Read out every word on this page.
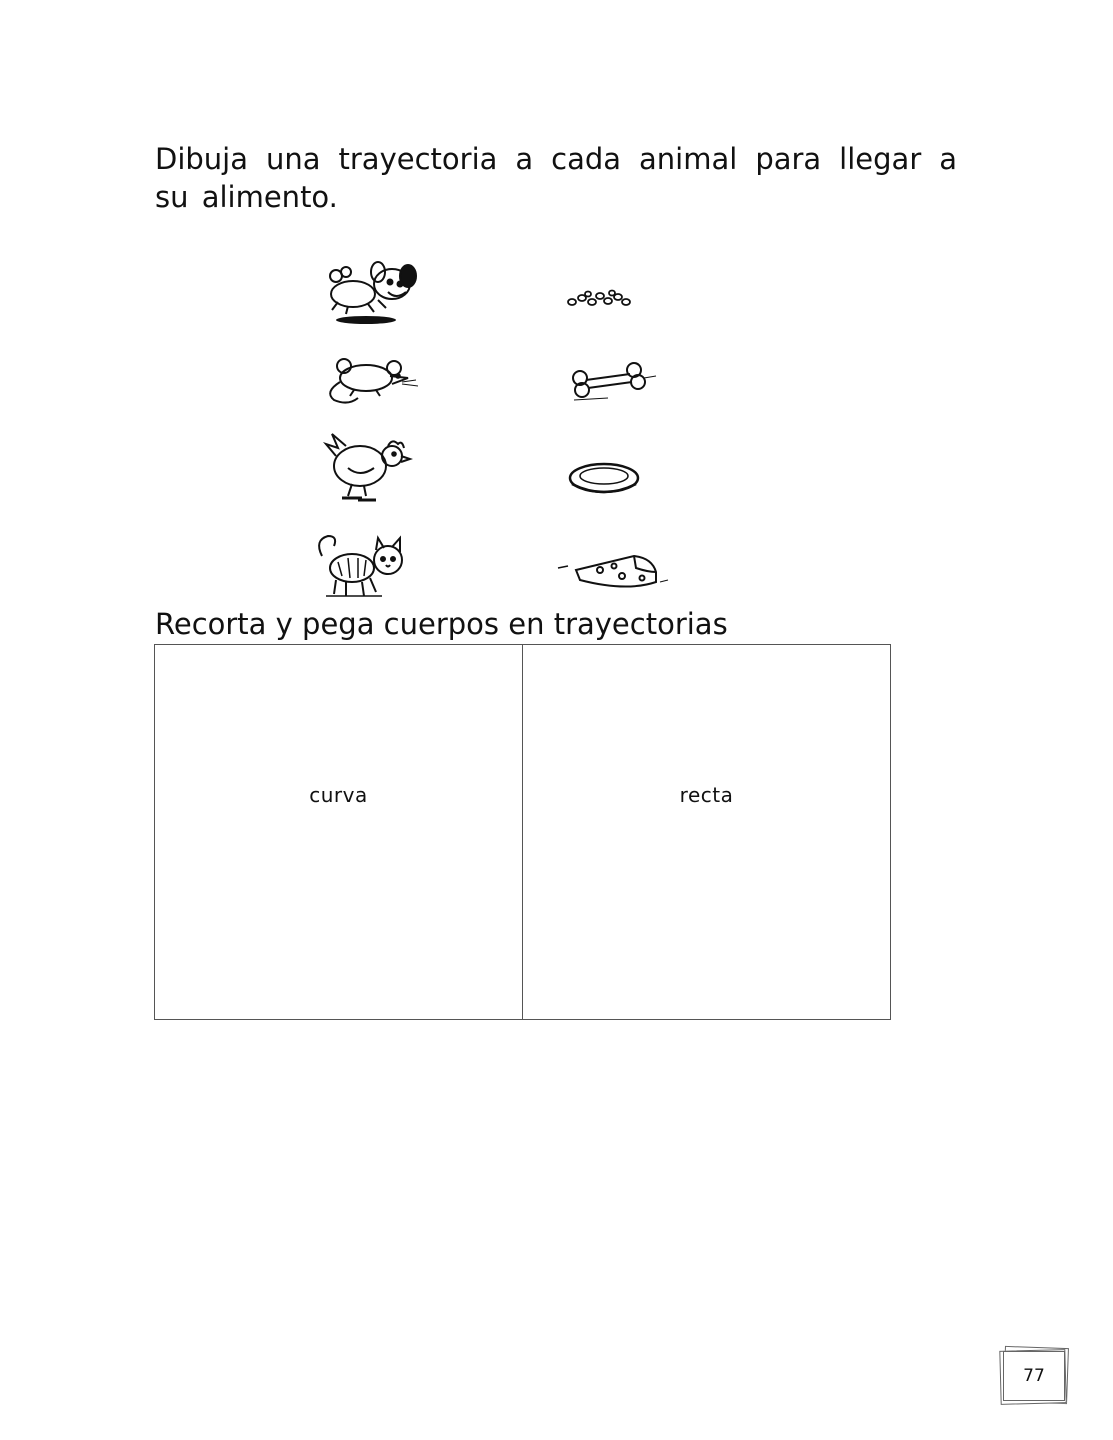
Dibuja una trayectoria a cada animal para llegar a su alimento.

Recorta y pega cuerpos en trayectorias

curva	recta
77
